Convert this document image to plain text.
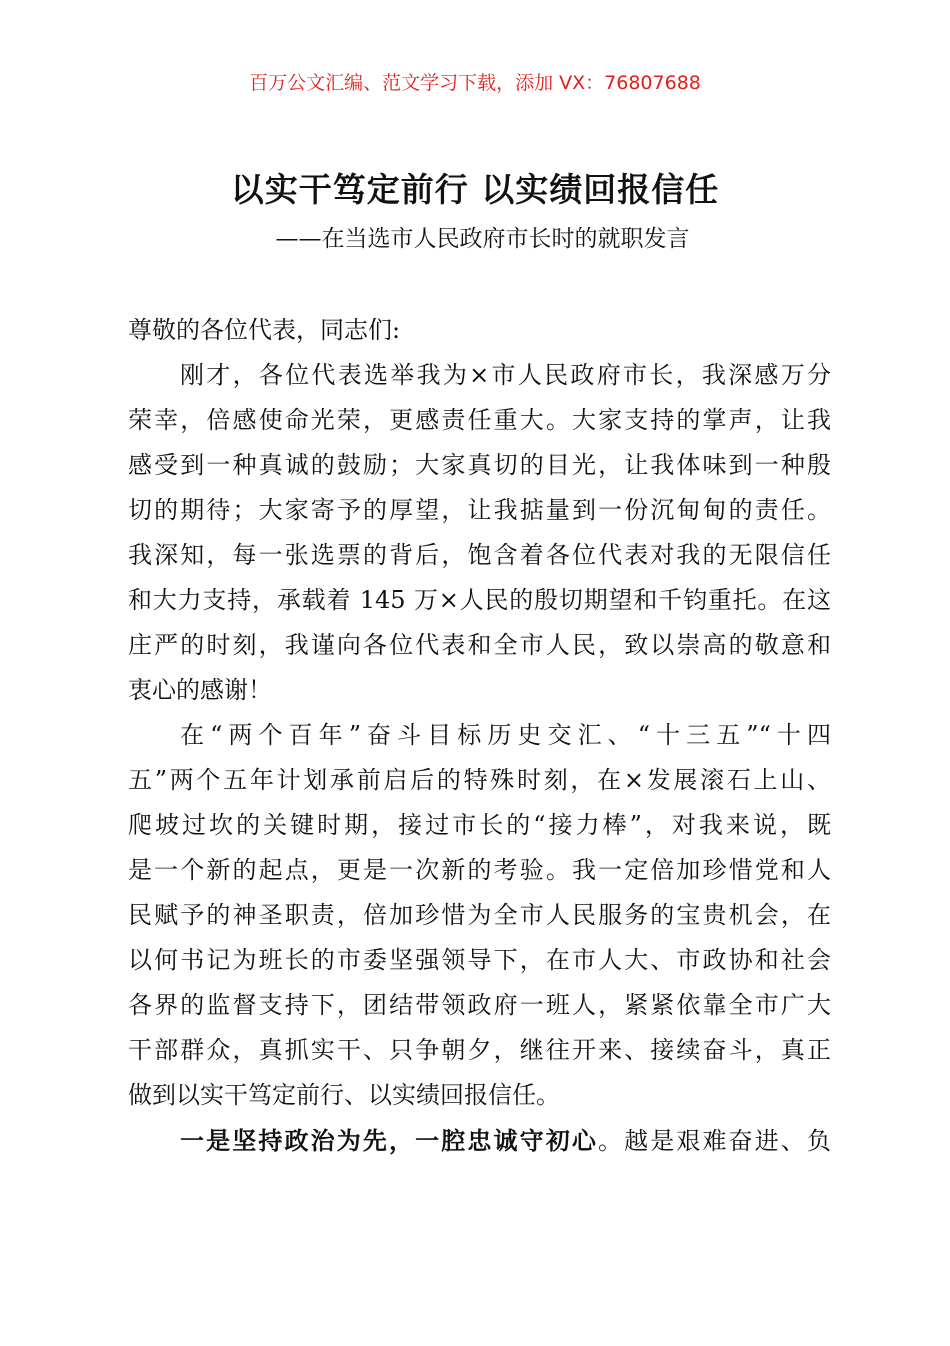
百万公文汇编、范文学习下载，添加 VX：76807688
以实干笃定前行 以实绩回报信任
——在当选市人民政府市长时的就职发言
尊敬的各位代表，同志们:
刚才，各位代表选举我为×市人民政府市长，我深感万分
荣幸，倍感使命光荣，更感责任重大。大家支持的掌声，让我
感受到一种真诚的鼓励；大家真切的目光，让我体味到一种殷
切的期待；大家寄予的厚望，让我掂量到一份沉甸甸的责任。
我深知，每一张选票的背后，饱含着各位代表对我的无限信任
和大力支持，承载着 145 万×人民的殷切期望和千钧重托。在这
庄严的时刻，我谨向各位代表和全市人民，致以崇高的敬意和
衷心的感谢！
在“两个百年”奋斗目标历史交汇、“十三五”“十四
五”两个五年计划承前启后的特殊时刻，在×发展滚石上山、
爬坡过坎的关键时期，接过市长的“接力棒”，对我来说，既
是一个新的起点，更是一次新的考验。我一定倍加珍惜党和人
民赋予的神圣职责，倍加珍惜为全市人民服务的宝贵机会，在
以何书记为班长的市委坚强领导下，在市人大、市政协和社会
各界的监督支持下，团结带领政府一班人，紧紧依靠全市广大
干部群众，真抓实干、只争朝夕，继往开来、接续奋斗，真正
做到以实干笃定前行、以实绩回报信任。
一是坚持政治为先，一腔忠诚守初心。越是艰难奋进、负
